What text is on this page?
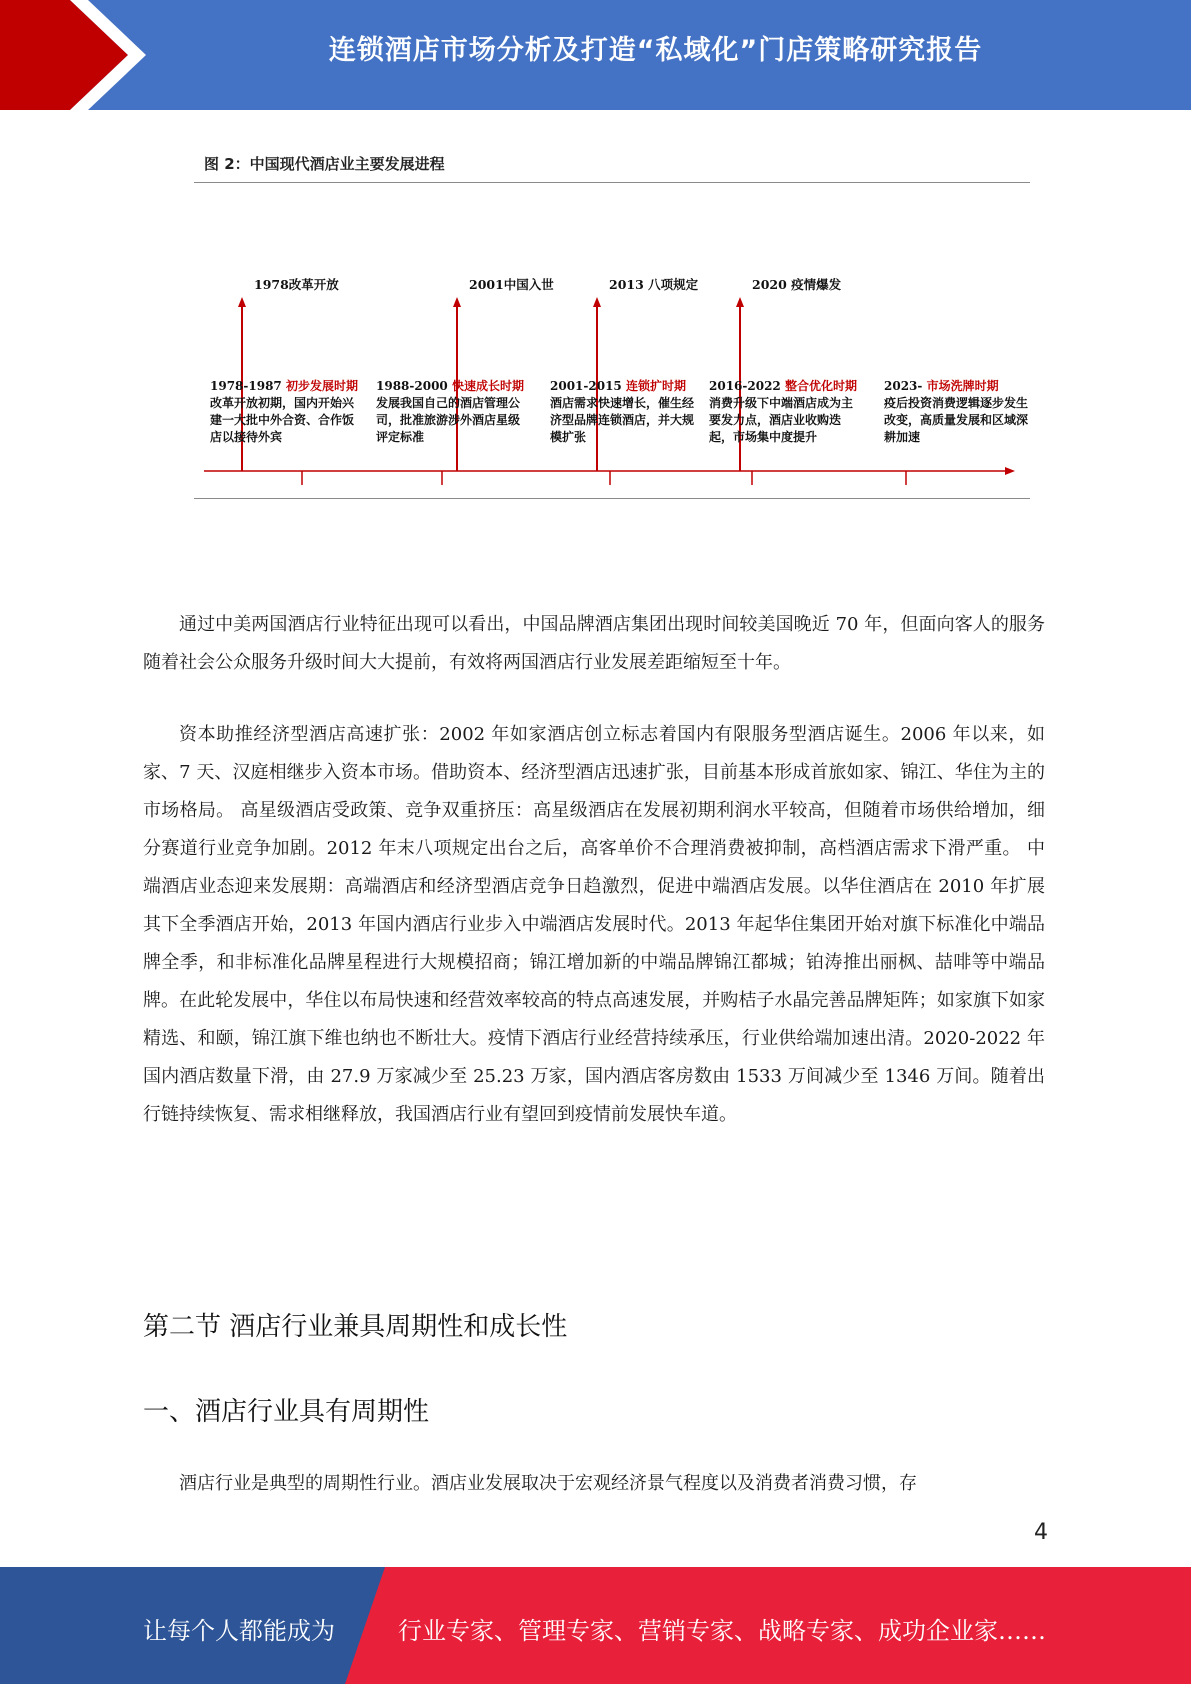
连锁酒店市场分析及打造“私域化”门店策略研究报告
图 2：中国现代酒店业主要发展进程
1978改革开放	2001中国入世	2013 八项规定	2020 疫情爆发
1978-1987 初步发展时期
改革开放初期，国内开始兴建一大批中外合资、合作饭店以接待外宾
1988-2000 快速成长时期
发展我国自己的酒店管理公司，批准旅游涉外酒店星级评定标准
2001-2015 连锁扩时期
酒店需求快速增长，催生经济型品牌连锁酒店，并大规模扩张
2016-2022 整合优化时期
消费升级下中端酒店成为主要发力点，酒店业收购迭起，市场集中度提升
2023- 市场洗牌时期
疫后投资消费逻辑逐步发生改变，高质量发展和区域深耕加速

通过中美两国酒店行业特征出现可以看出，中国品牌酒店集团出现时间较美国晚近 70 年，但面向客人的服务随着社会公众服务升级时间大大提前，有效将两国酒店行业发展差距缩短至十年。

资本助推经济型酒店高速扩张：2002 年如家酒店创立标志着国内有限服务型酒店诞生。2006 年以来，如家、7 天、汉庭相继步入资本市场。借助资本、经济型酒店迅速扩张，目前基本形成首旅如家、锦江、华住为主的市场格局。 高星级酒店受政策、竞争双重挤压：高星级酒店在发展初期利润水平较高，但随着市场供给增加，细分赛道行业竞争加剧。2012 年末八项规定出台之后，高客单价不合理消费被抑制，高档酒店需求下滑严重。 中端酒店业态迎来发展期：高端酒店和经济型酒店竞争日趋激烈，促进中端酒店发展。以华住酒店在 2010 年扩展其下全季酒店开始，2013 年国内酒店行业步入中端酒店发展时代。2013 年起华住集团开始对旗下标准化中端品牌全季，和非标准化品牌星程进行大规模招商；锦江增加新的中端品牌锦江都城；铂涛推出丽枫、喆啡等中端品牌。在此轮发展中，华住以布局快速和经营效率较高的特点高速发展，并购桔子水晶完善品牌矩阵；如家旗下如家精选、和颐，锦江旗下维也纳也不断壮大。疫情下酒店行业经营持续承压，行业供给端加速出清。2020-2022 年国内酒店数量下滑，由 27.9 万家减少至 25.23 万家，国内酒店客房数由 1533 万间减少至 1346 万间。随着出行链持续恢复、需求相继释放，我国酒店行业有望回到疫情前发展快车道。

第二节 酒店行业兼具周期性和成长性
一、酒店行业具有周期性

酒店行业是典型的周期性行业。酒店业发展取决于宏观经济景气程度以及消费者消费习惯，存

4
让每个人都能成为	行业专家、管理专家、营销专家、战略专家、成功企业家……
